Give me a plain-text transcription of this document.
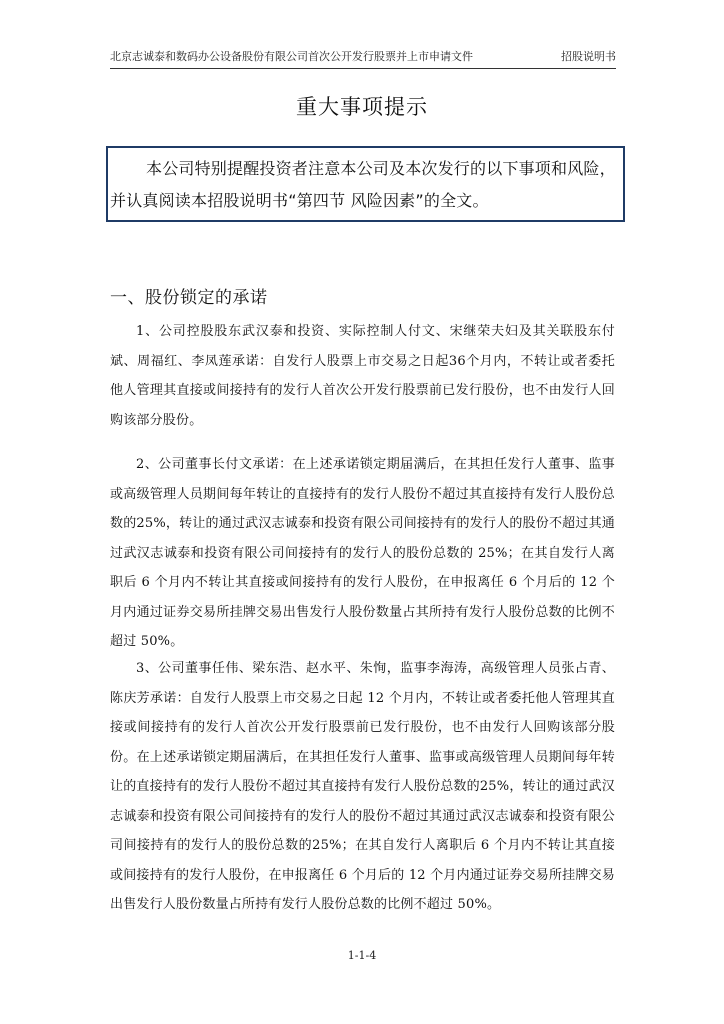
北京志诚泰和数码办公设备股份有限公司首次公开发行股票并上市申请文件	招股说明书
重大事项提示
本公司特别提醒投资者注意本公司及本次发行的以下事项和风险，并认真阅读本招股说明书“第四节 风险因素”的全文。
一、股份锁定的承诺
1、公司控股股东武汉泰和投资、实际控制人付文、宋继荣夫妇及其关联股东付斌、周福红、李凤莲承诺：自发行人股票上市交易之日起36个月内，不转让或者委托他人管理其直接或间接持有的发行人首次公开发行股票前已发行股份，也不由发行人回购该部分股份。
2、公司董事长付文承诺：在上述承诺锁定期届满后，在其担任发行人董事、监事或高级管理人员期间每年转让的直接持有的发行人股份不超过其直接持有发行人股份总数的25%，转让的通过武汉志诚泰和投资有限公司间接持有的发行人的股份不超过其通过武汉志诚泰和投资有限公司间接持有的发行人的股份总数的 25%；在其自发行人离职后 6 个月内不转让其直接或间接持有的发行人股份，在申报离任 6 个月后的 12 个月内通过证券交易所挂牌交易出售发行人股份数量占其所持有发行人股份总数的比例不超过 50%。
3、公司董事任伟、梁东浩、赵水平、朱恂，监事李海涛，高级管理人员张占青、陈庆芳承诺：自发行人股票上市交易之日起 12 个月内，不转让或者委托他人管理其直接或间接持有的发行人首次公开发行股票前已发行股份，也不由发行人回购该部分股份。在上述承诺锁定期届满后，在其担任发行人董事、监事或高级管理人员期间每年转让的直接持有的发行人股份不超过其直接持有发行人股份总数的25%，转让的通过武汉志诚泰和投资有限公司间接持有的发行人的股份不超过其通过武汉志诚泰和投资有限公司间接持有的发行人的股份总数的25%；在其自发行人离职后 6 个月内不转让其直接或间接持有的发行人股份，在申报离任 6 个月后的 12 个月内通过证券交易所挂牌交易出售发行人股份数量占所持有发行人股份总数的比例不超过 50%。
1-1-4
